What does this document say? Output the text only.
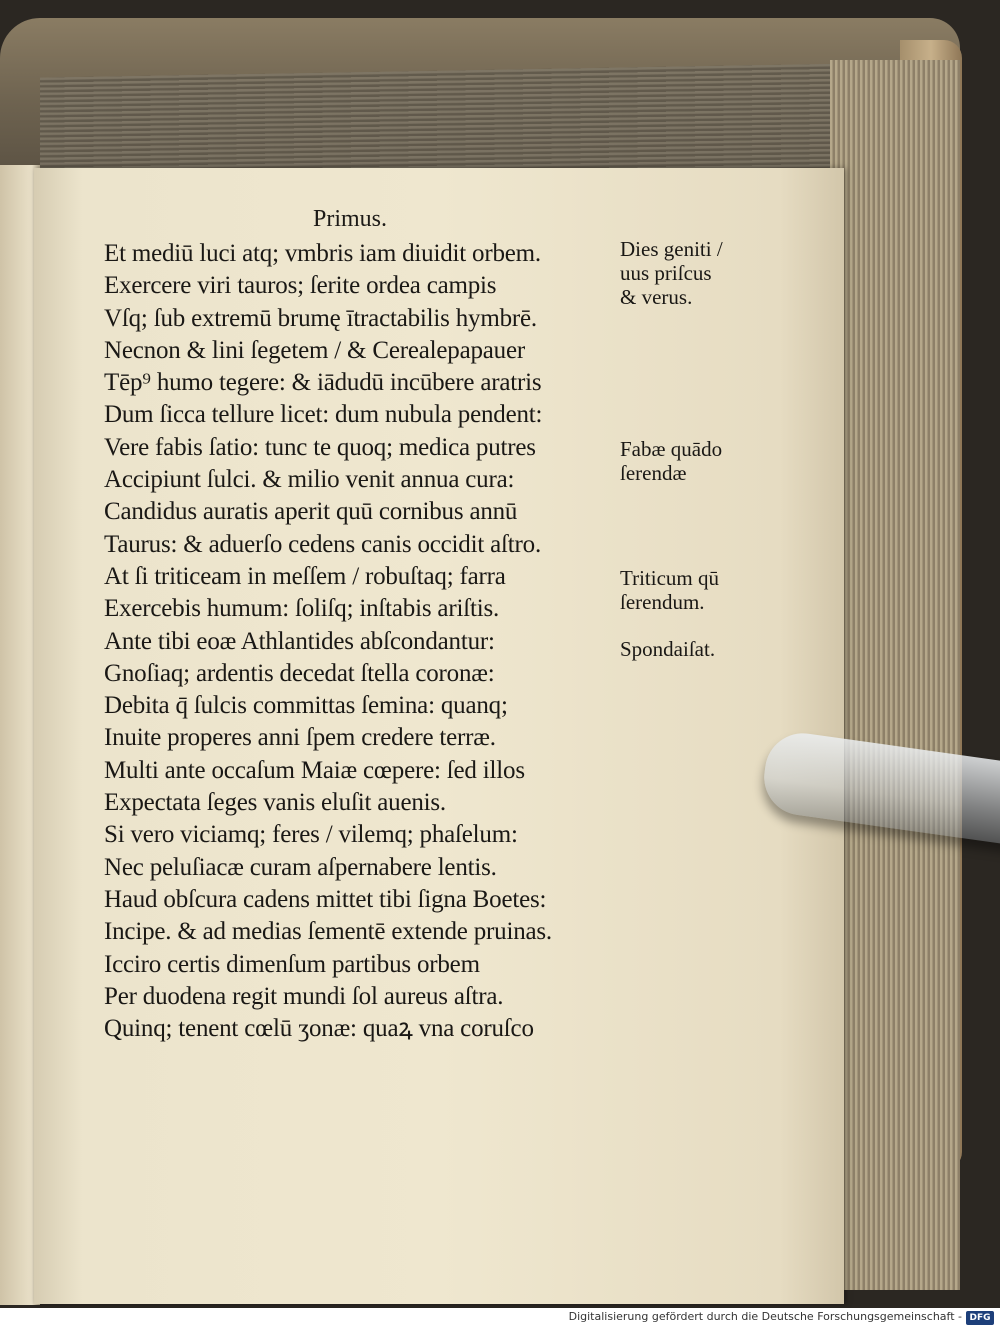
Primus.
Et mediū luci atq; vmbris iam diuidit orbem.
Exercere viri tauros; ſerite ordea campis
Vſq; ſub extremū brumę ītractabilis hymbrē.
Necnon & lini ſegetem / & Cerealepapauer
Tēp⁹ humo tegere: & iādudū incūbere aratris
Dum ſicca tellure licet: dum nubula pendent:
Vere fabis ſatio: tunc te quoq; medica putres
Accipiunt ſulci. & milio venit annua cura:
Candidus auratis aperit quū cornibus annū
Taurus: & aduerſo cedens canis occidit aſtro.
At ſi triticeam in meſſem / robuſtaq; farra
Exercebis humum: ſoliſq; inſtabis ariſtis.
Ante tibi eoæ Athlantides abſcondantur:
Gnoſiaq; ardentis decedat ſtella coronæ:
Debita q̄ ſulcis committas ſemina: quanq;
Inuite properes anni ſpem credere terræ.
Multi ante occaſum Maiæ cœpere: ſed illos
Expectata ſeges vanis eluſit auenis.
Si vero viciamq; feres / vilemq; phaſelum:
Nec peluſiacæ curam aſpernabere lentis.
Haud obſcura cadens mittet tibi ſigna Boetes:
Incipe. & ad medias ſementē extende pruinas.
Icciro certis dimenſum partibus orbem
Per duodena regit mundi ſol aureus aſtra.
Quinq; tenent cœlū ʒonæ: quaꝝ vna coruſco
Dies geniti /
uus priſcus
& verus.
Fabæ quādo
ſerendæ
Triticum qū
ſerendum.
Spondaiſat.
Digitalisierung gefördert durch die Deutsche Forschungsgemeinschaft - DFG
